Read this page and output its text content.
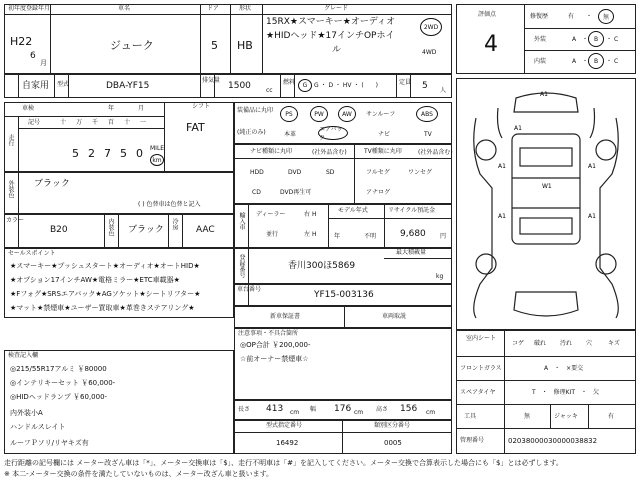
初年度登録年月
H22
6
月
車名
ジューク
ドア
5
形状
HB
グレード
15RX★スマーキー★オーディオ
★HIDヘッド★17インチOPホイ
ル
2WD
4WD
自家用 型式	DBA-YF15
排気量
1500	cc
燃料 G G ・ D ・ HV ・ (　　)	定員 5 人
評価点
4
修復歴	有 ・ 無
外装	A ・ B ・ C
内装	A ・ B ・ C
車検	年	月	シフト
FAT
走行
記号	十 万 千 百 十 一
5 2 7 5 0 MILE
km
外装色 ブラック
( ) 色替車は色替と記入
カラー
B20	内装色 ブラック 冷房 AAC
セールスポイント
★スマーキー★プッシュスタート★オーディオ★オートHID★
★オプション17インチAW★電格ミラー★ETC車載器★
★Fフォグ★SRSエアバック★AGソケット★シートリフター★
★マット★禁煙車★ユーザー買取車★革巻きステアリング★
検査記入欄
◎215/55R17アルミ ￥80000
◎インテリキーセット ￥60,000-
◎HIDヘッドランプ ￥60,000-
内外装小A
ハンドルスレイト
ルーフＰソリ/リヤキズ有
装備品に丸印
(純正のみ)
PS	PW	AW サンルーフ	ABS
本革
エアバック
ナビ	TV
ナビ種類に丸印	(社外品含む)	TV種類に丸印	(社外品含む)
HDD	DVD	SD
CD	DVD再生可
フルセグ	ワンセグ
アナログ
輸入車 ディーラー
並行
右 H
左 H
モデル年式
年	不明
リサイクル預託金
9,680 円
登録番号	香川300ほ5869
最大積載量
kg
車台番号
YF15-003136
新車保証書	車両取説
注意事項・不具合箇所
◎OP合計 ￥200,000-
☆前オーナー禁煙車☆
長さ 413 cm 幅 176 cm 高さ 156 cm
型式指定番号
16492
類別区分番号
0005
A1
A1
A1	A1
W1
A1	A1
室内シート
コゲ 破れ 汚れ 穴	キズ
フロントガラス	A　・　×要交
スペアタイヤ	T　・　修理KIT　・　欠
工具	無	ジャッキ	有
管理番号	02038000030000038832
走行距離の記号欄には メーター改ざん車は「*」、メーター交換車は「$」、走行不明車は「#」を記入してください。メーター交換で合算表示した場合にも「$」とは必ずします。
※ 本二-メーター交換の条件を満たしていないものは、メーター改ざん車と扱います。
